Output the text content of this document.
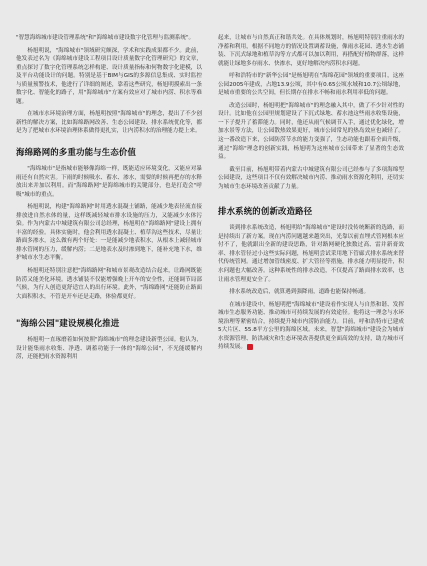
"智慧海绵城市建设管理系统"和"海绵城市建设数字化管理与监测系统"。

杨旭明说，"海绵城市"领域研究颇深，学术和实践成果都不少。此前，他发表过名为《海绵城市建设工程项目设计质量数字化管理研究》的文章，重点探讨了数字化管理系统怎样构建、设计质量指标和何物数字化建模，以及平台功能设计的问题。特别是基于BIM与GIS的多源信息集成、实时监控与质量预警技术，他进行了详细的阐述，靠着这些研究，杨旭明摸索出一条数字化、智能化的路子，用"海绵城市"方案有效应对了城市内涝、积水等难题。

在城市水环境治理方面，杨旭明按照"海绵城市"的理念，提出了不少创新性的解决方案，比如海绵路网改善、生态公园建设、排水系统优化等，都是为了把城市水环境治理体系做得更扎实，让内涝积水的治理能力提上来。

海绵路网的多重功能与生态价值

"海绵城市"是指城市能够像海绵一样，既能适应环境变化，又能应对暴雨还有自然灾害。下雨的时候吸水、蓄水、渗水，需要的时候再把存的水释放出来并加以利用。而"海绵路网"是海绵城市的关键部分，也是打造会"呼吸"城市的重点。

杨旭明说，构建"海绵路网"时用透水混凝土铺路，能减少地表径流直接排放进自然水体的量，这样既减轻城市排水设施的压力，又能减少水体污染。作为内蒙古中城建筑有限公司总经理，杨旭明在"海绵路网"建设上拥有丰富的经验。具体实施时，他会利用透水混凝土、植草沟这些技术，尽量让路面多渗水，这么做有两个好处：一是能减少地表积水，从根本上减轻城市排水管网的压力，缓解内涝；二是地表水及时渗到地下，能补充地下水，维护城市水生态平衡。

杨旭明还特别注意把"海绵路网"和城市景观改造结合起来，让路网既能防涝又能美化环境。透水铺装不仅能增强晚上开车的安全性，还能调节局部气候，为行人创造更舒适宜人的出行环境。此外，"海绵路网"还能防止路面大面积积水，不管是开车还是走路，体验都更好。

"海绵公园"建设规模化推进

杨旭明一直琢磨着如何按照"海绵城市"的理念建设新型公园。他认为，设计能集雨水收集、净透、调蓄功能于一体的"海绵公园"，不光能缓解内涝，还能把雨水资源利用

起来，让城市与自然真正和谐共处。在具体规划时，杨旭明特别注重雨水的净蓄和利用，根据不同地方的情况设置调蓄设施，像雨水花园、透水生态铺装、下沉式绿地和植草沟等方式都可以加以利用，再搭配好植物群落，这样就能让绿地多存雨水、快渗水，更好地解决内涝积水问题。

呼和浩特市的"新华公园"是杨旭明在"海绵花园"领域的重要项目，这座公园2005年建成，占地13.9公顷，其中有0.65公顷水域和10.7公顷绿地，是城市重要的公共空间，但长期存在排水不畅和雨水利用率低的问题。

改造公园时，杨旭明把"海绵城市"的理念融入其中，做了不少针对性的设计。比如他在公园里规划建设了下沉式绿地、蓄水池这些雨水收集设施，一下子提升了蓄滞能力。同时，他还从雨气候调节入手，通过优化绿化，增加水景等方法，让公园散热效果更好，城市公园常见的热岛效应也减轻了。这一番改造下来，公园防涝节水的能力变强了，生态功能也跟着全面升级，通过"海绵"理念的创新实践，杨旭明为这座城市公园带来了显著的生态效益。

截至目前，杨旭明带着内蒙古中城建筑有限公司已经参与了多项海绵型公园建设，这些项目不仅有效解决城市内涝、推动雨水资源化利用，还切实为城市生态环境改善贡献了力量。

排水系统的创新改造路径

谈到排水系统改造，杨旭明给"海绵城市"建设时没传统断新的选路，而是持续出了新方案。现在内涝问题越来越突出，光靠以前直埋式管网根本应付不了，他就跟出全新的建设思路，针对路网硬化独数过高、雷并新膏效率、排水管径过小这些实际问题，杨旭明尝试采用地下管廊式排水系统来替代传统管网。通过增加管线密度、扩大管径等措施，排水能力明显提升，积水问题也大幅改善。这种系统性的排水改造，不仅提高了路面排水效率，也让雨水管理更安全了。

排水系统改造后，就算遇到强降雨，道路也能保持畅通。

在城市建设中，杨旭明把"海绵城市"建设看作实现人与自然和谐、发挥城市生态服务功能、推动城市可持续发展的有效途径。他将这一理念与水环境治理等紧密结合，持续提升城市内涝防治能力。目前，呼和浩特市已建成5大片区、55.8平方公里的海绵区域。未来，智慧"海绵城市"建设会为城市水资源管理、防洪减灾和生态环境改善提供更全面高效的支持，助力城市可持续发展。
